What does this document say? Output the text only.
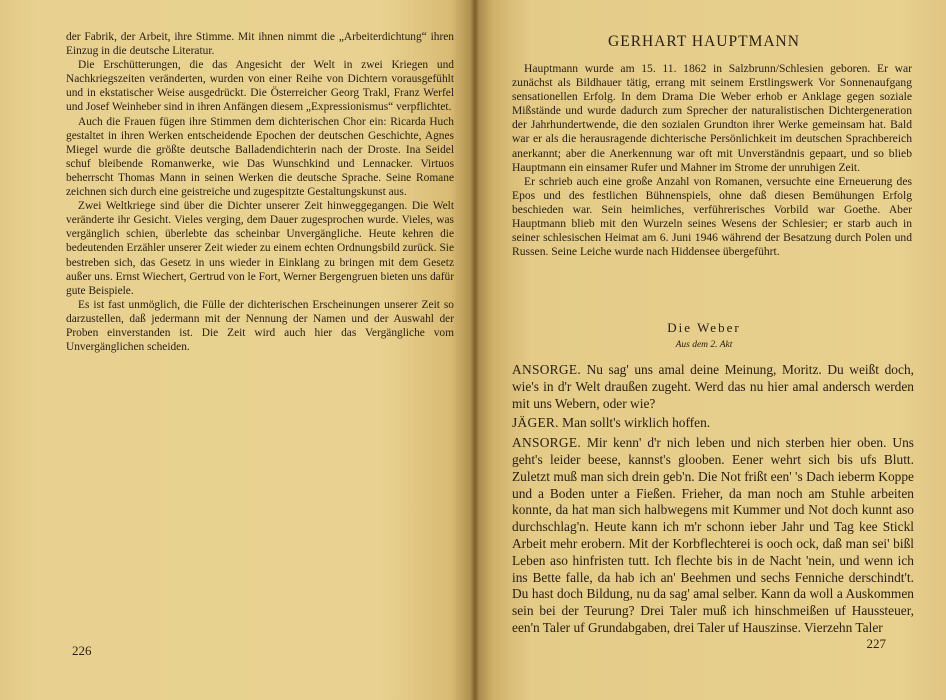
der Fabrik, der Arbeit, ihre Stimme. Mit ihnen nimmt die „Arbeiterdichtung“ ihren Einzug in die deutsche Literatur.

Die Erschütterungen, die das Angesicht der Welt in zwei Kriegen und Nachkriegszeiten veränderten, wurden von einer Reihe von Dichtern vorausgefühlt und in ekstatischer Weise ausgedrückt. Die Österreicher Georg Trakl, Franz Werfel und Josef Weinheber sind in ihren Anfängen diesem „Expressionismus“ verpflichtet.

Auch die Frauen fügen ihre Stimmen dem dichterischen Chor ein: Ricarda Huch gestaltet in ihren Werken entscheidende Epochen der deutschen Geschichte, Agnes Miegel wurde die größte deutsche Balladendichterin nach der Droste. Ina Seidel schuf bleibende Romanwerke, wie Das Wunschkind und Lennacker. Virtuos beherrscht Thomas Mann in seinen Werken die deutsche Sprache. Seine Romane zeichnen sich durch eine geistreiche und zugespitzte Gestaltungskunst aus.

Zwei Weltkriege sind über die Dichter unserer Zeit hinweggegangen. Die Welt veränderte ihr Gesicht. Vieles verging, dem Dauer zugesprochen wurde. Vieles, was vergänglich schien, überlebte das scheinbar Unvergängliche. Heute kehren die bedeutenden Erzähler unserer Zeit wieder zu einem echten Ordnungsbild zurück. Sie bestreben sich, das Gesetz in uns wieder in Einklang zu bringen mit dem Gesetz außer uns. Ernst Wiechert, Gertrud von le Fort, Werner Bergengruen bieten uns dafür gute Beispiele.

Es ist fast unmöglich, die Fülle der dichterischen Erscheinungen unserer Zeit so darzustellen, daß jedermann mit der Nennung der Namen und der Auswahl der Proben einverstanden ist. Die Zeit wird auch hier das Vergängliche vom Unvergänglichen scheiden.

226
GERHART HAUPTMANN

Hauptmann wurde am 15. 11. 1862 in Salzbrunn/Schlesien geboren. Er war zunächst als Bildhauer tätig, errang mit seinem Erstlingswerk Vor Sonnenaufgang sensationellen Erfolg. In dem Drama Die Weber erhob er Anklage gegen soziale Mißstände und wurde dadurch zum Sprecher der naturalistischen Dichtergeneration der Jahrhundertwende, die den sozialen Grundton ihrer Werke gemeinsam hat. Bald war er als die herausragende dichterische Persönlichkeit im deutschen Sprachbereich anerkannt; aber die Anerkennung war oft mit Unverständnis gepaart, und so blieb Hauptmann ein einsamer Rufer und Mahner im Strome der unruhigen Zeit.

Er schrieb auch eine große Anzahl von Romanen, versuchte eine Erneuerung des Epos und des festlichen Bühnenspiels, ohne daß diesen Bemühungen Erfolg beschieden war. Sein heimliches, verführerisches Vorbild war Goethe. Aber Hauptmann blieb mit den Wurzeln seines Wesens der Schlesier; er starb auch in seiner schlesischen Heimat am 6. Juni 1946 während der Besatzung durch Polen und Russen. Seine Leiche wurde nach Hiddensee übergeführt.

Die Weber
Aus dem 2. Akt

ANSORGE. Nu sag' uns amal deine Meinung, Moritz. Du weißt doch, wie's in d'r Welt draußen zugeht. Werd das nu hier amal andersch werden mit uns Webern, oder wie?

JÄGER. Man sollt's wirklich hoffen.

ANSORGE. Mir kenn' d'r nich leben und nich sterben hier oben. Uns geht's leider beese, kannst's glooben. Eener wehrt sich bis ufs Blutt. Zuletzt muß man sich drein geb'n. Die Not frißt een' 's Dach ieberm Koppe und a Boden unter a Fießen. Frieher, da man noch am Stuhle arbeiten konnte, da hat man sich halbwegens mit Kummer und Not doch kunnt aso durchschlag'n. Heute kann ich m'r schonn ieber Jahr und Tag kee Stickl Arbeit mehr erobern. Mit der Korbflechterei is ooch ock, daß man sei' bißl Leben aso hinfristen tutt. Ich flechte bis in de Nacht 'nein, und wenn ich ins Bette falle, da hab ich an' Beehmen und sechs Fenniche derschindt't. Du hast doch Bildung, nu da sag' amal selber. Kann da woll a Auskommen sein bei der Teurung? Drei Taler muß ich hinschmeißen uf Haussteuer, een'n Taler uf Grundabgaben, drei Taler uf Hauszinse. Vierzehn Taler

227
